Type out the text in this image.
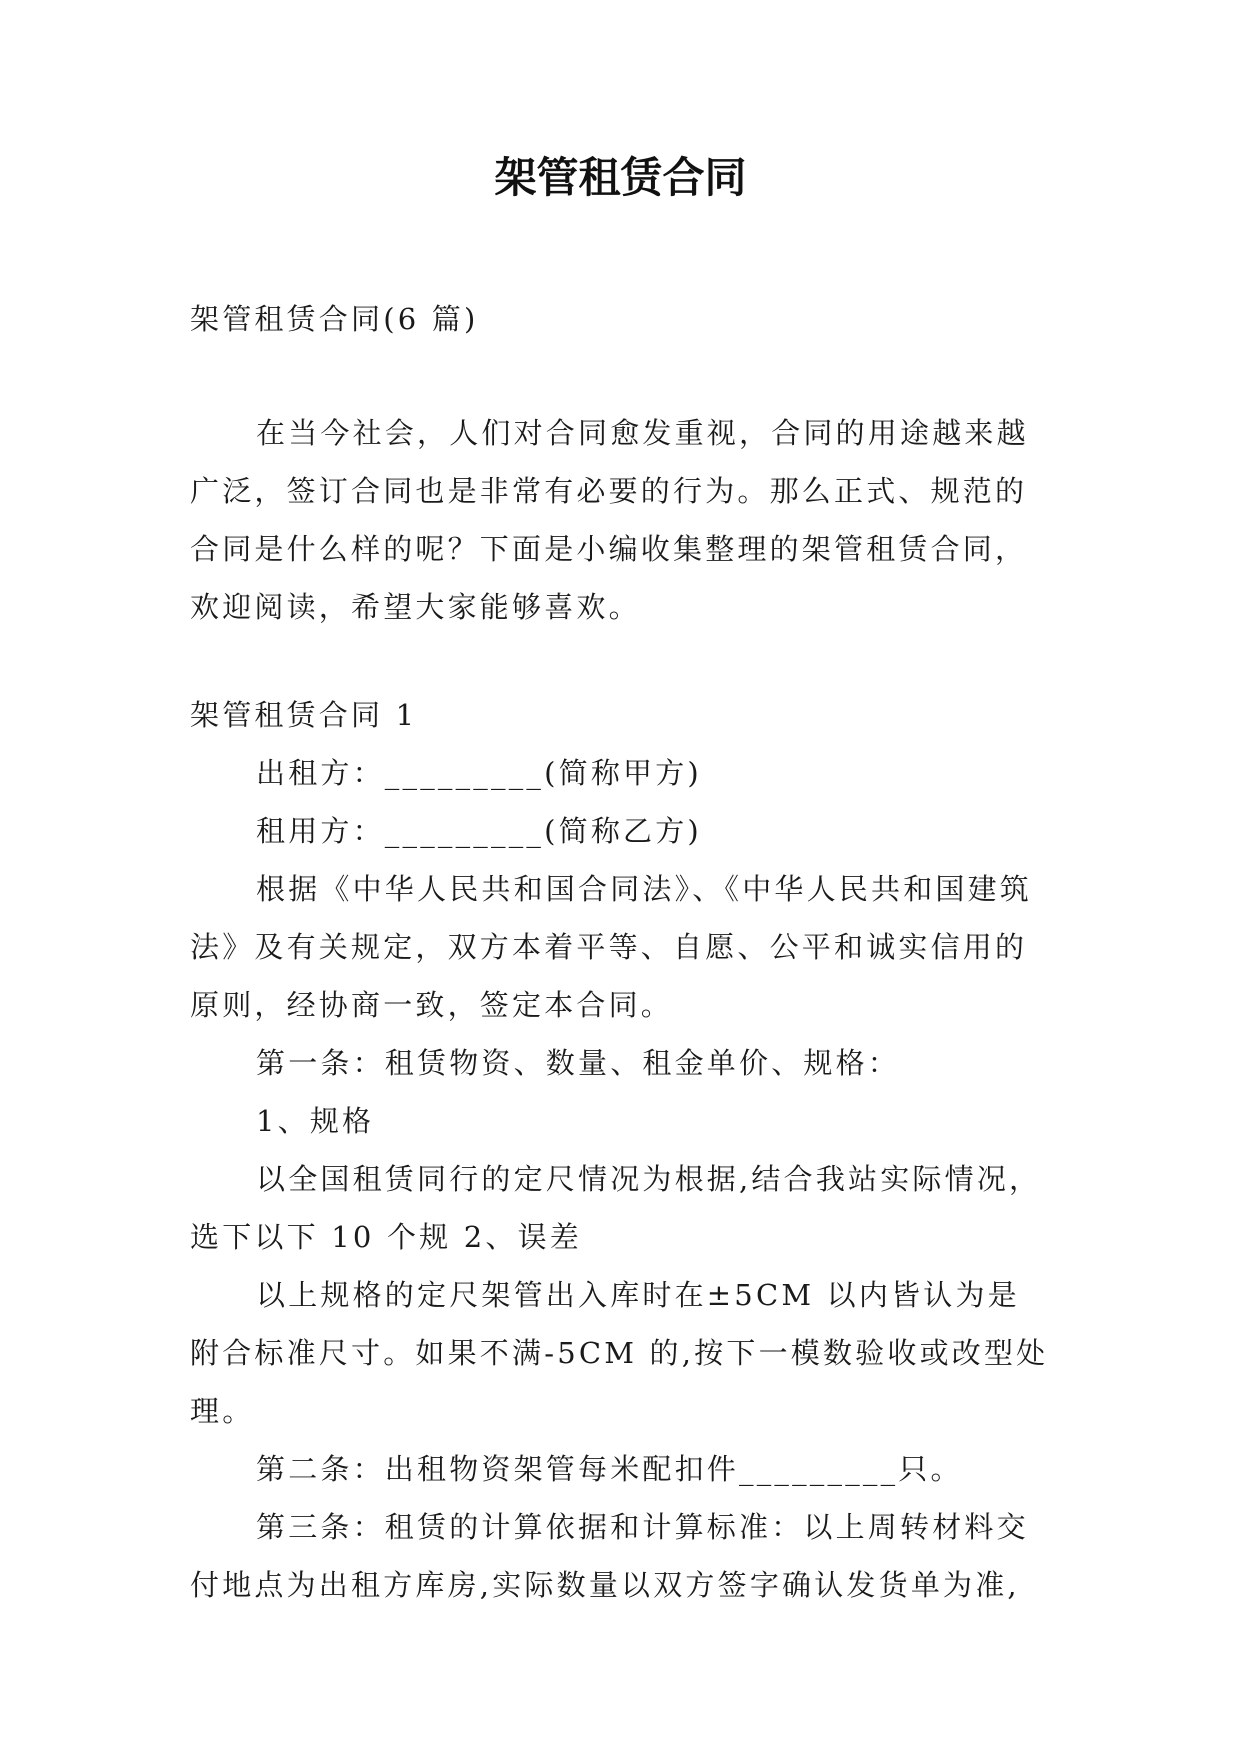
架管租赁合同

架管租赁合同(6 篇)

在当今社会，人们对合同愈发重视，合同的用途越来越广泛，签订合同也是非常有必要的行为。那么正式、规范的合同是什么样的呢？下面是小编收集整理的架管租赁合同，欢迎阅读，希望大家能够喜欢。

架管租赁合同 1

出租方：_________(简称甲方)

租用方：_________(简称乙方)

根据《中华人民共和国合同法》、《中华人民共和国建筑法》及有关规定，双方本着平等、自愿、公平和诚实信用的原则，经协商一致，签定本合同。

第一条：租赁物资、数量、租金单价、规格：

1、规格

以全国租赁同行的定尺情况为根据,结合我站实际情况，选下以下 10 个规 2、误差

以上规格的定尺架管出入库时在±5CM 以内皆认为是附合标准尺寸。如果不满-5CM 的,按下一模数验收或改型处理。

第二条：出租物资架管每米配扣件_________只。

第三条：租赁的计算依据和计算标准：以上周转材料交付地点为出租方库房,实际数量以双方签字确认发货单为准,
